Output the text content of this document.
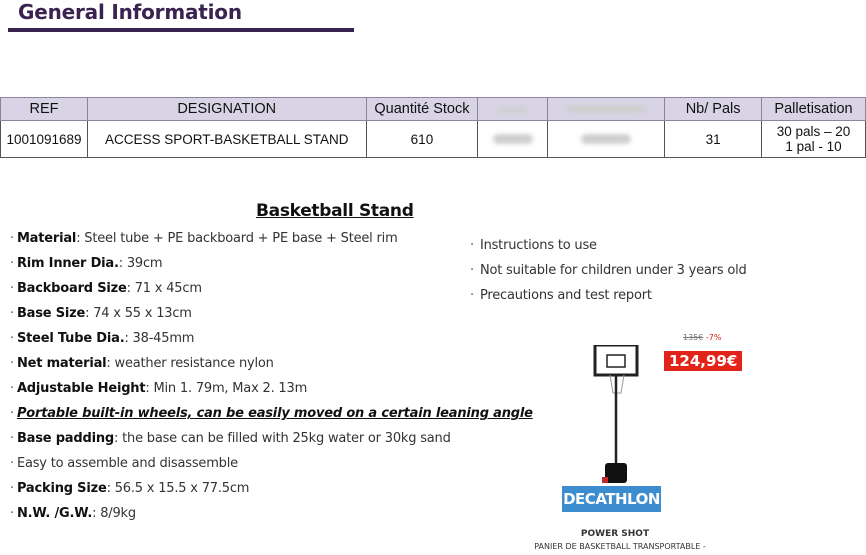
General Information
REF	DESIGNATION	Quantité Stock			Nb/ Pals	Palletisation
1001091689	ACCESS SPORT-BASKETBALL STAND	610			31	30 pals – 20
1 pal - 10
Basketball Stand
· Material: Steel tube + PE backboard + PE base + Steel rim
· Rim Inner Dia.: 39cm
· Backboard Size: 71 x 45cm
· Base Size: 74 x 55 x 13cm
· Steel Tube Dia.: 38-45mm
· Net material: weather resistance nylon
· Adjustable Height: Min 1. 79m, Max 2. 13m
· Portable built-in wheels, can be easily moved on a certain leaning angle
· Base padding: the base can be filled with 25kg water or 30kg sand
· Easy to assemble and disassemble
· Packing Size: 56.5 x 15.5 x 77.5cm
· N.W. /G.W.: 8/9kg
· Instructions to use
· Not suitable for children under 3 years old
· Precautions and test report
135€ -7%
124,99€
DECATHLON
POWER SHOT
PANIER DE BASKETBALL TRANSPORTABLE -
